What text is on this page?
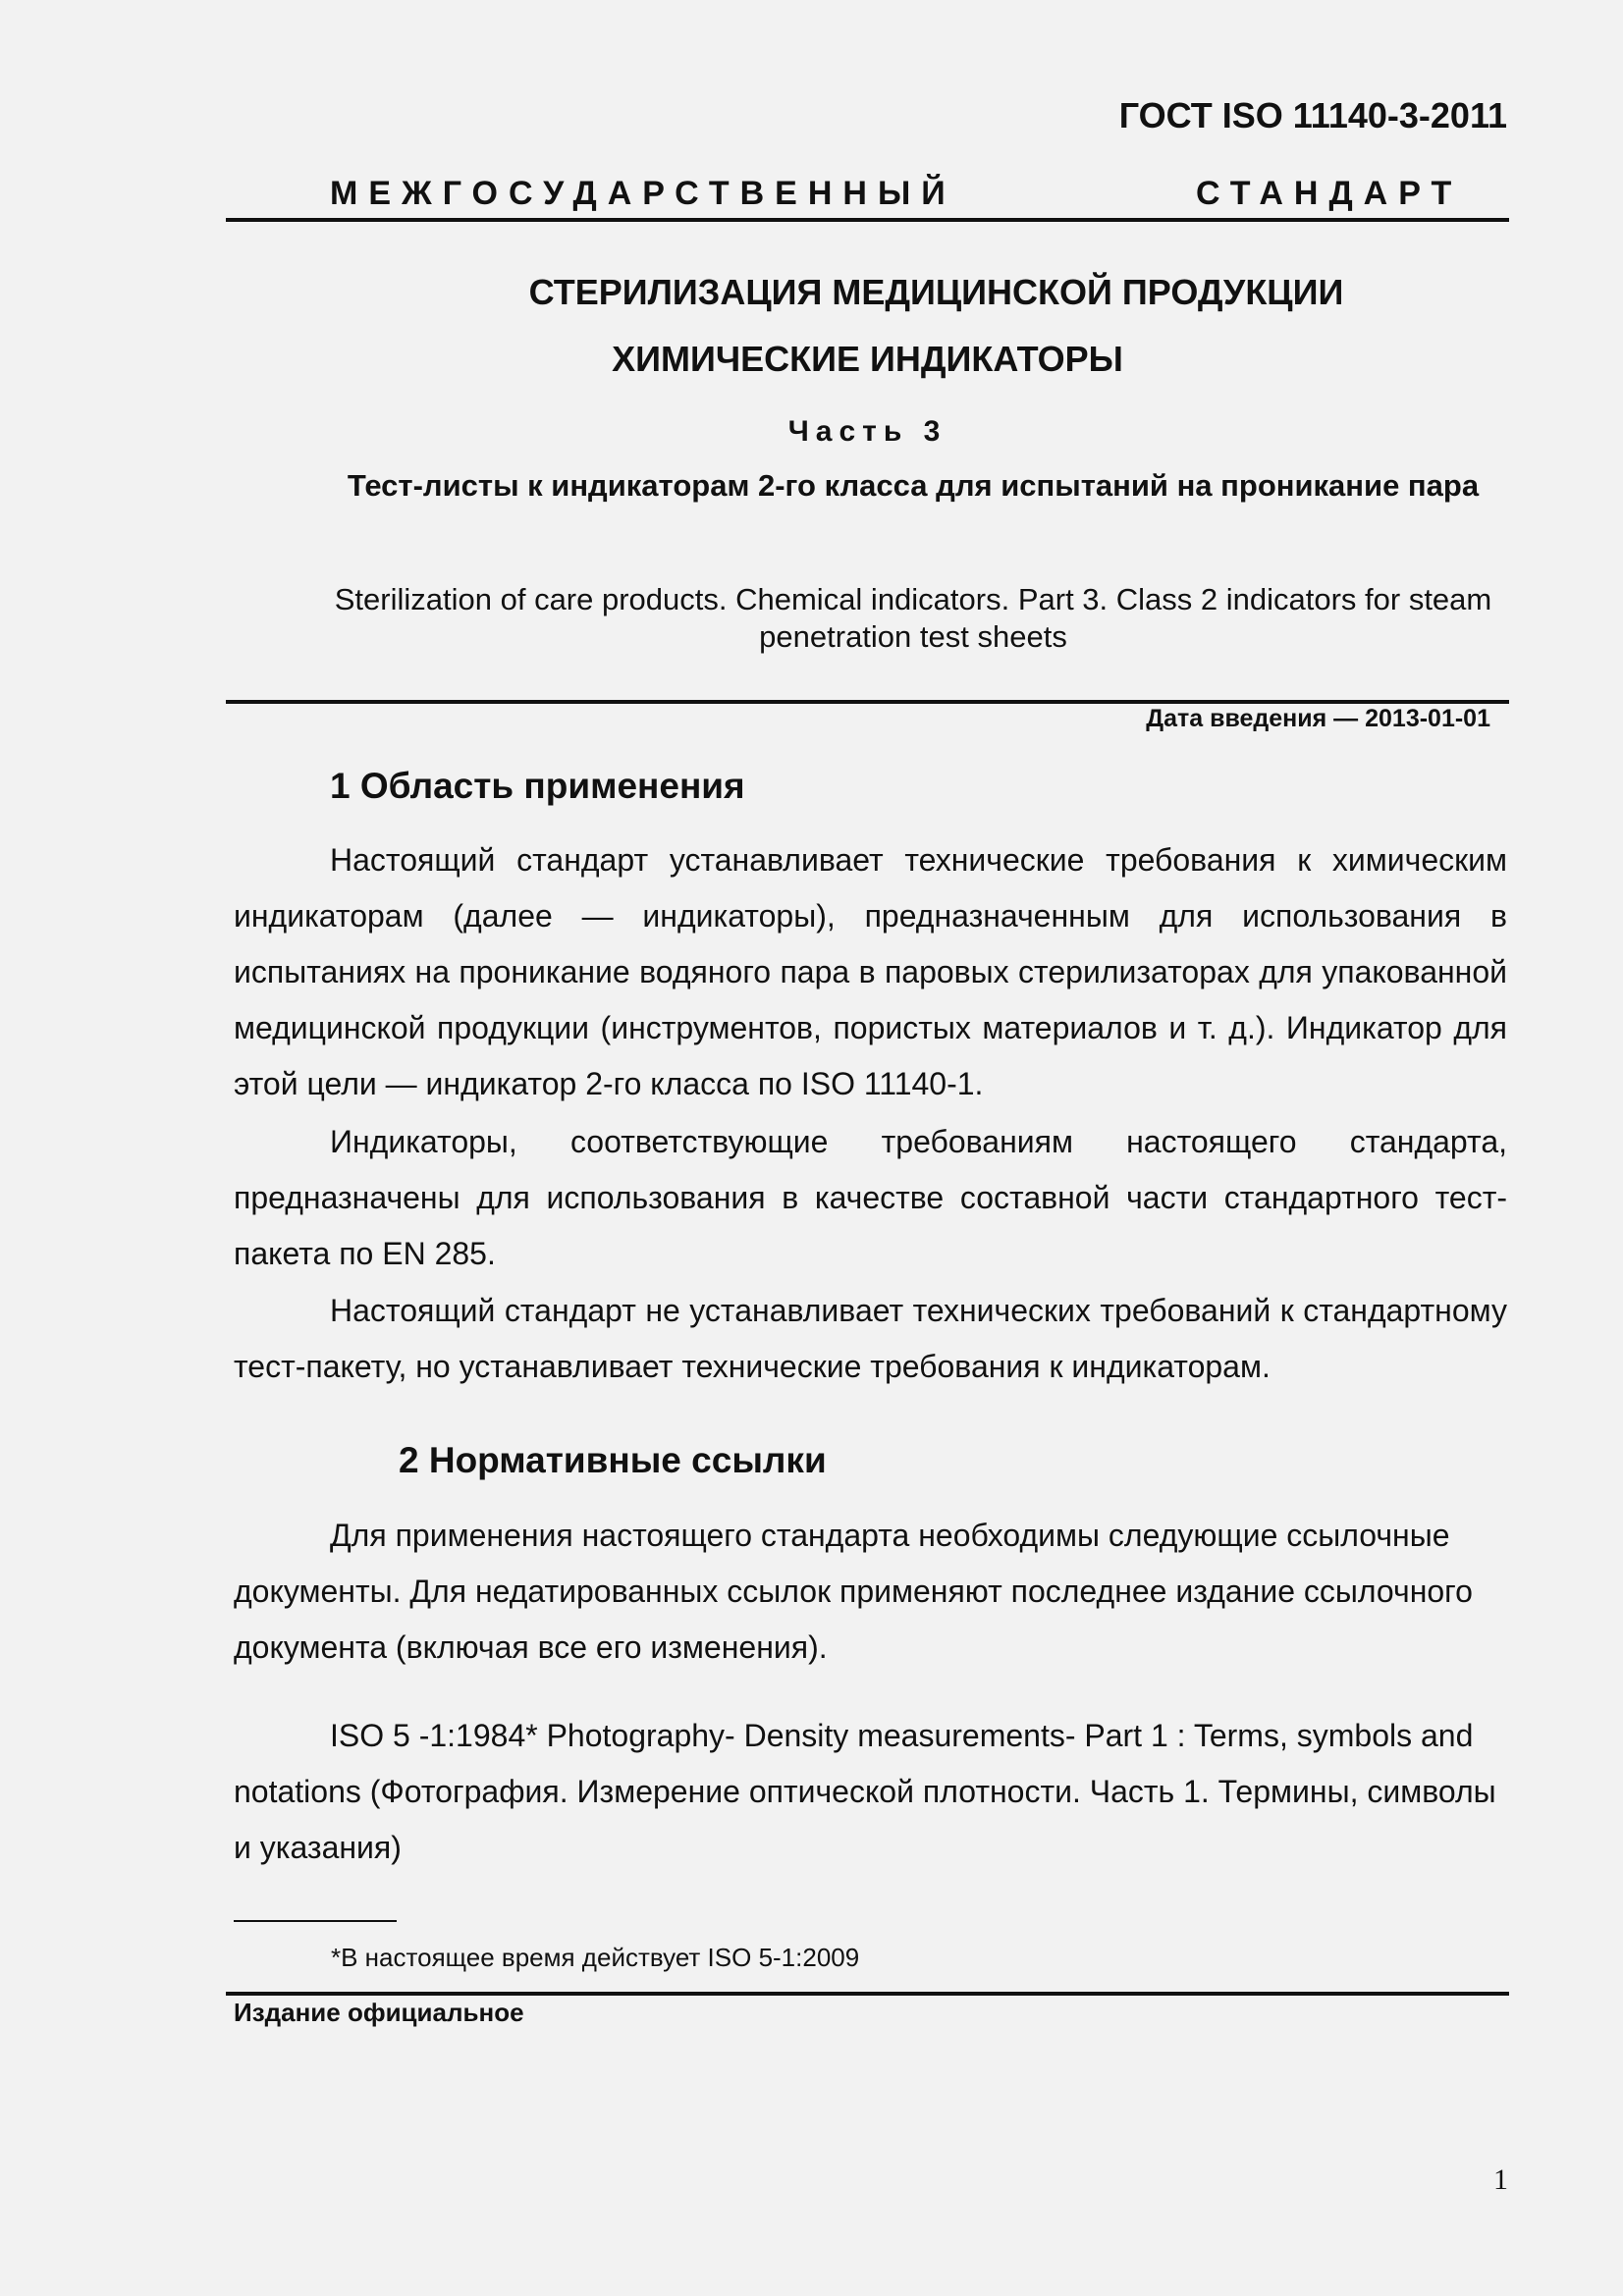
ГОСТ ISO 11140-3-2011
МЕЖГОСУДАРСТВЕННЫЙ	СТАНДАРТ
СТЕРИЛИЗАЦИЯ МЕДИЦИНСКОЙ ПРОДУКЦИИ
ХИМИЧЕСКИЕ ИНДИКАТОРЫ
Часть 3
Тест-листы к индикаторам 2-го класса для испытаний на проникание пара
Sterilization of care products. Chemical indicators. Part 3. Class 2 indicators for steam penetration test sheets
Дата введения — 2013-01-01
1 Область применения
Настоящий стандарт устанавливает технические требования к химическим индикаторам (далее — индикаторы), предназначенным для использования в испытаниях на проникание водяного пара в паровых стерилизаторах для упакованной медицинской продукции (инструментов, пористых материалов и т. д.). Индикатор для этой цели — индикатор 2-го класса по ISO 11140-1.
Индикаторы, соответствующие требованиям настоящего стандарта, предназначены для использования в качестве составной части стандартного тест-пакета по EN 285.
Настоящий стандарт не устанавливает технических требований к стандартному тест-пакету, но устанавливает технические требования к индикаторам.
2 Нормативные ссылки
Для применения настоящего стандарта необходимы следующие ссылочные документы. Для недатированных ссылок применяют последнее издание ссылочного документа (включая все его изменения).
ISO 5 -1:1984* Photography- Density measurements- Part 1 : Terms, symbols and notations (Фотография. Измерение оптической плотности. Часть 1. Термины, символы и указания)
*В настоящее время действует ISO 5-1:2009
Издание официальное
1
